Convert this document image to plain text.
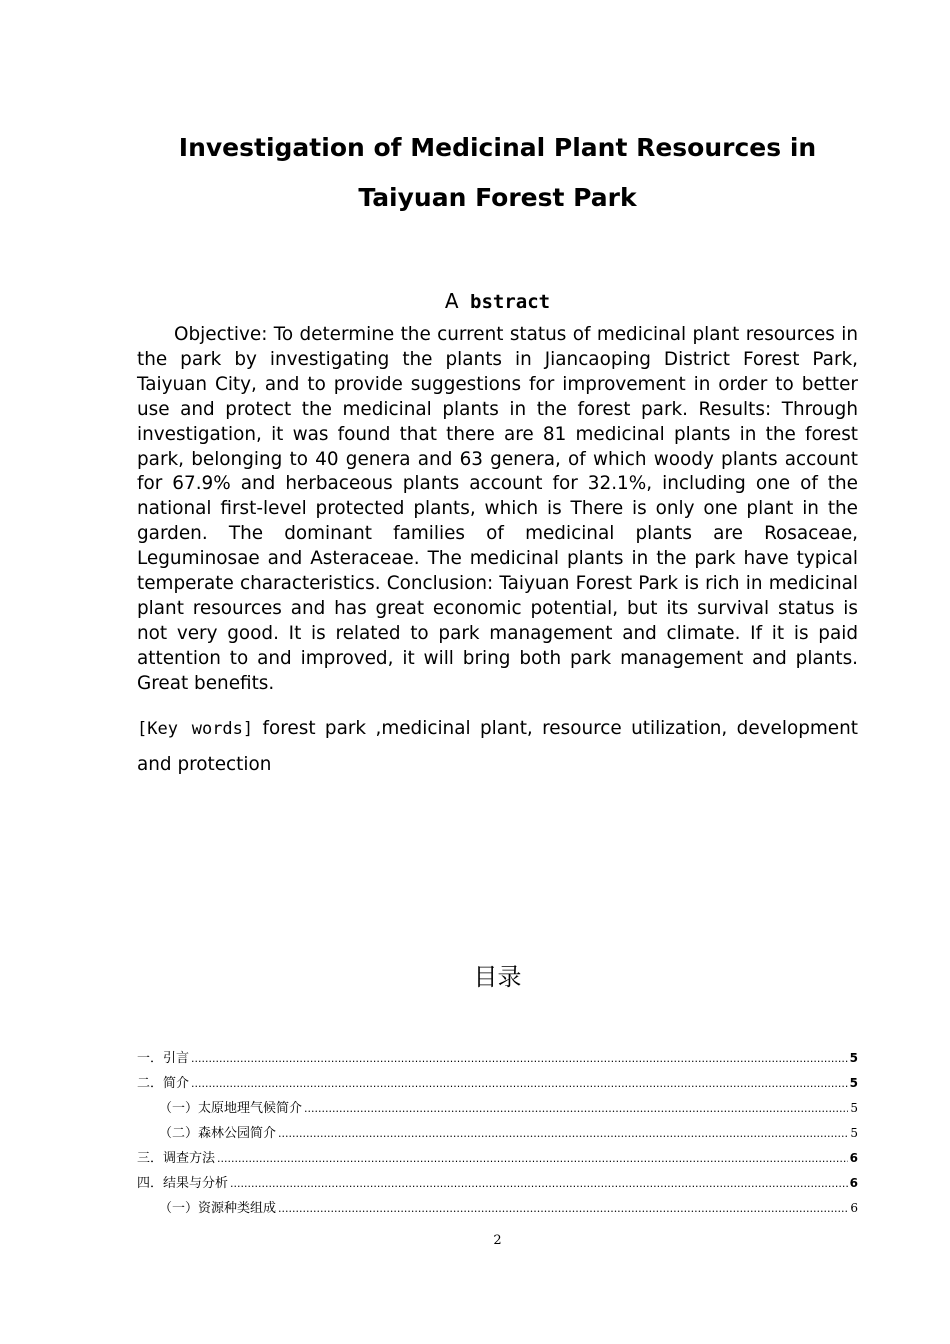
Investigation of Medicinal Plant Resources in
Taiyuan Forest Park
A bstract

Objective: To determine the current status of medicinal plant resources in the park by investigating the plants in Jiancaoping District Forest Park, Taiyuan City, and to provide suggestions for improvement in order to better use and protect the medicinal plants in the forest park. Results: Through investigation, it was found that there are 81 medicinal plants in the forest park, belonging to 40 genera and 63 genera, of which woody plants account for 67.9% and herbaceous plants account for 32.1%, including one of the national first-level protected plants, which is There is only one plant in the garden. The dominant families of medicinal plants are Rosaceae, Leguminosae and Asteraceae. The medicinal plants in the park have typical temperate characteristics. Conclusion: Taiyuan Forest Park is rich in medicinal plant resources and has great economic potential, but its survival status is not very good. It is related to park management and climate. If it is paid attention to and improved, it will bring both park management and plants. Great benefits.

[Key words] forest park ,medicinal plant, resource utilization, development and protection

目录
一．引言 .....	5
二．简介 .....	5
（一）太原地理气候简介 .....	5
（二）森林公园简介 .....	5
三．调查方法 .....	6
四．结果与分析 .....	6
（一）资源种类组成 .....	6
2
